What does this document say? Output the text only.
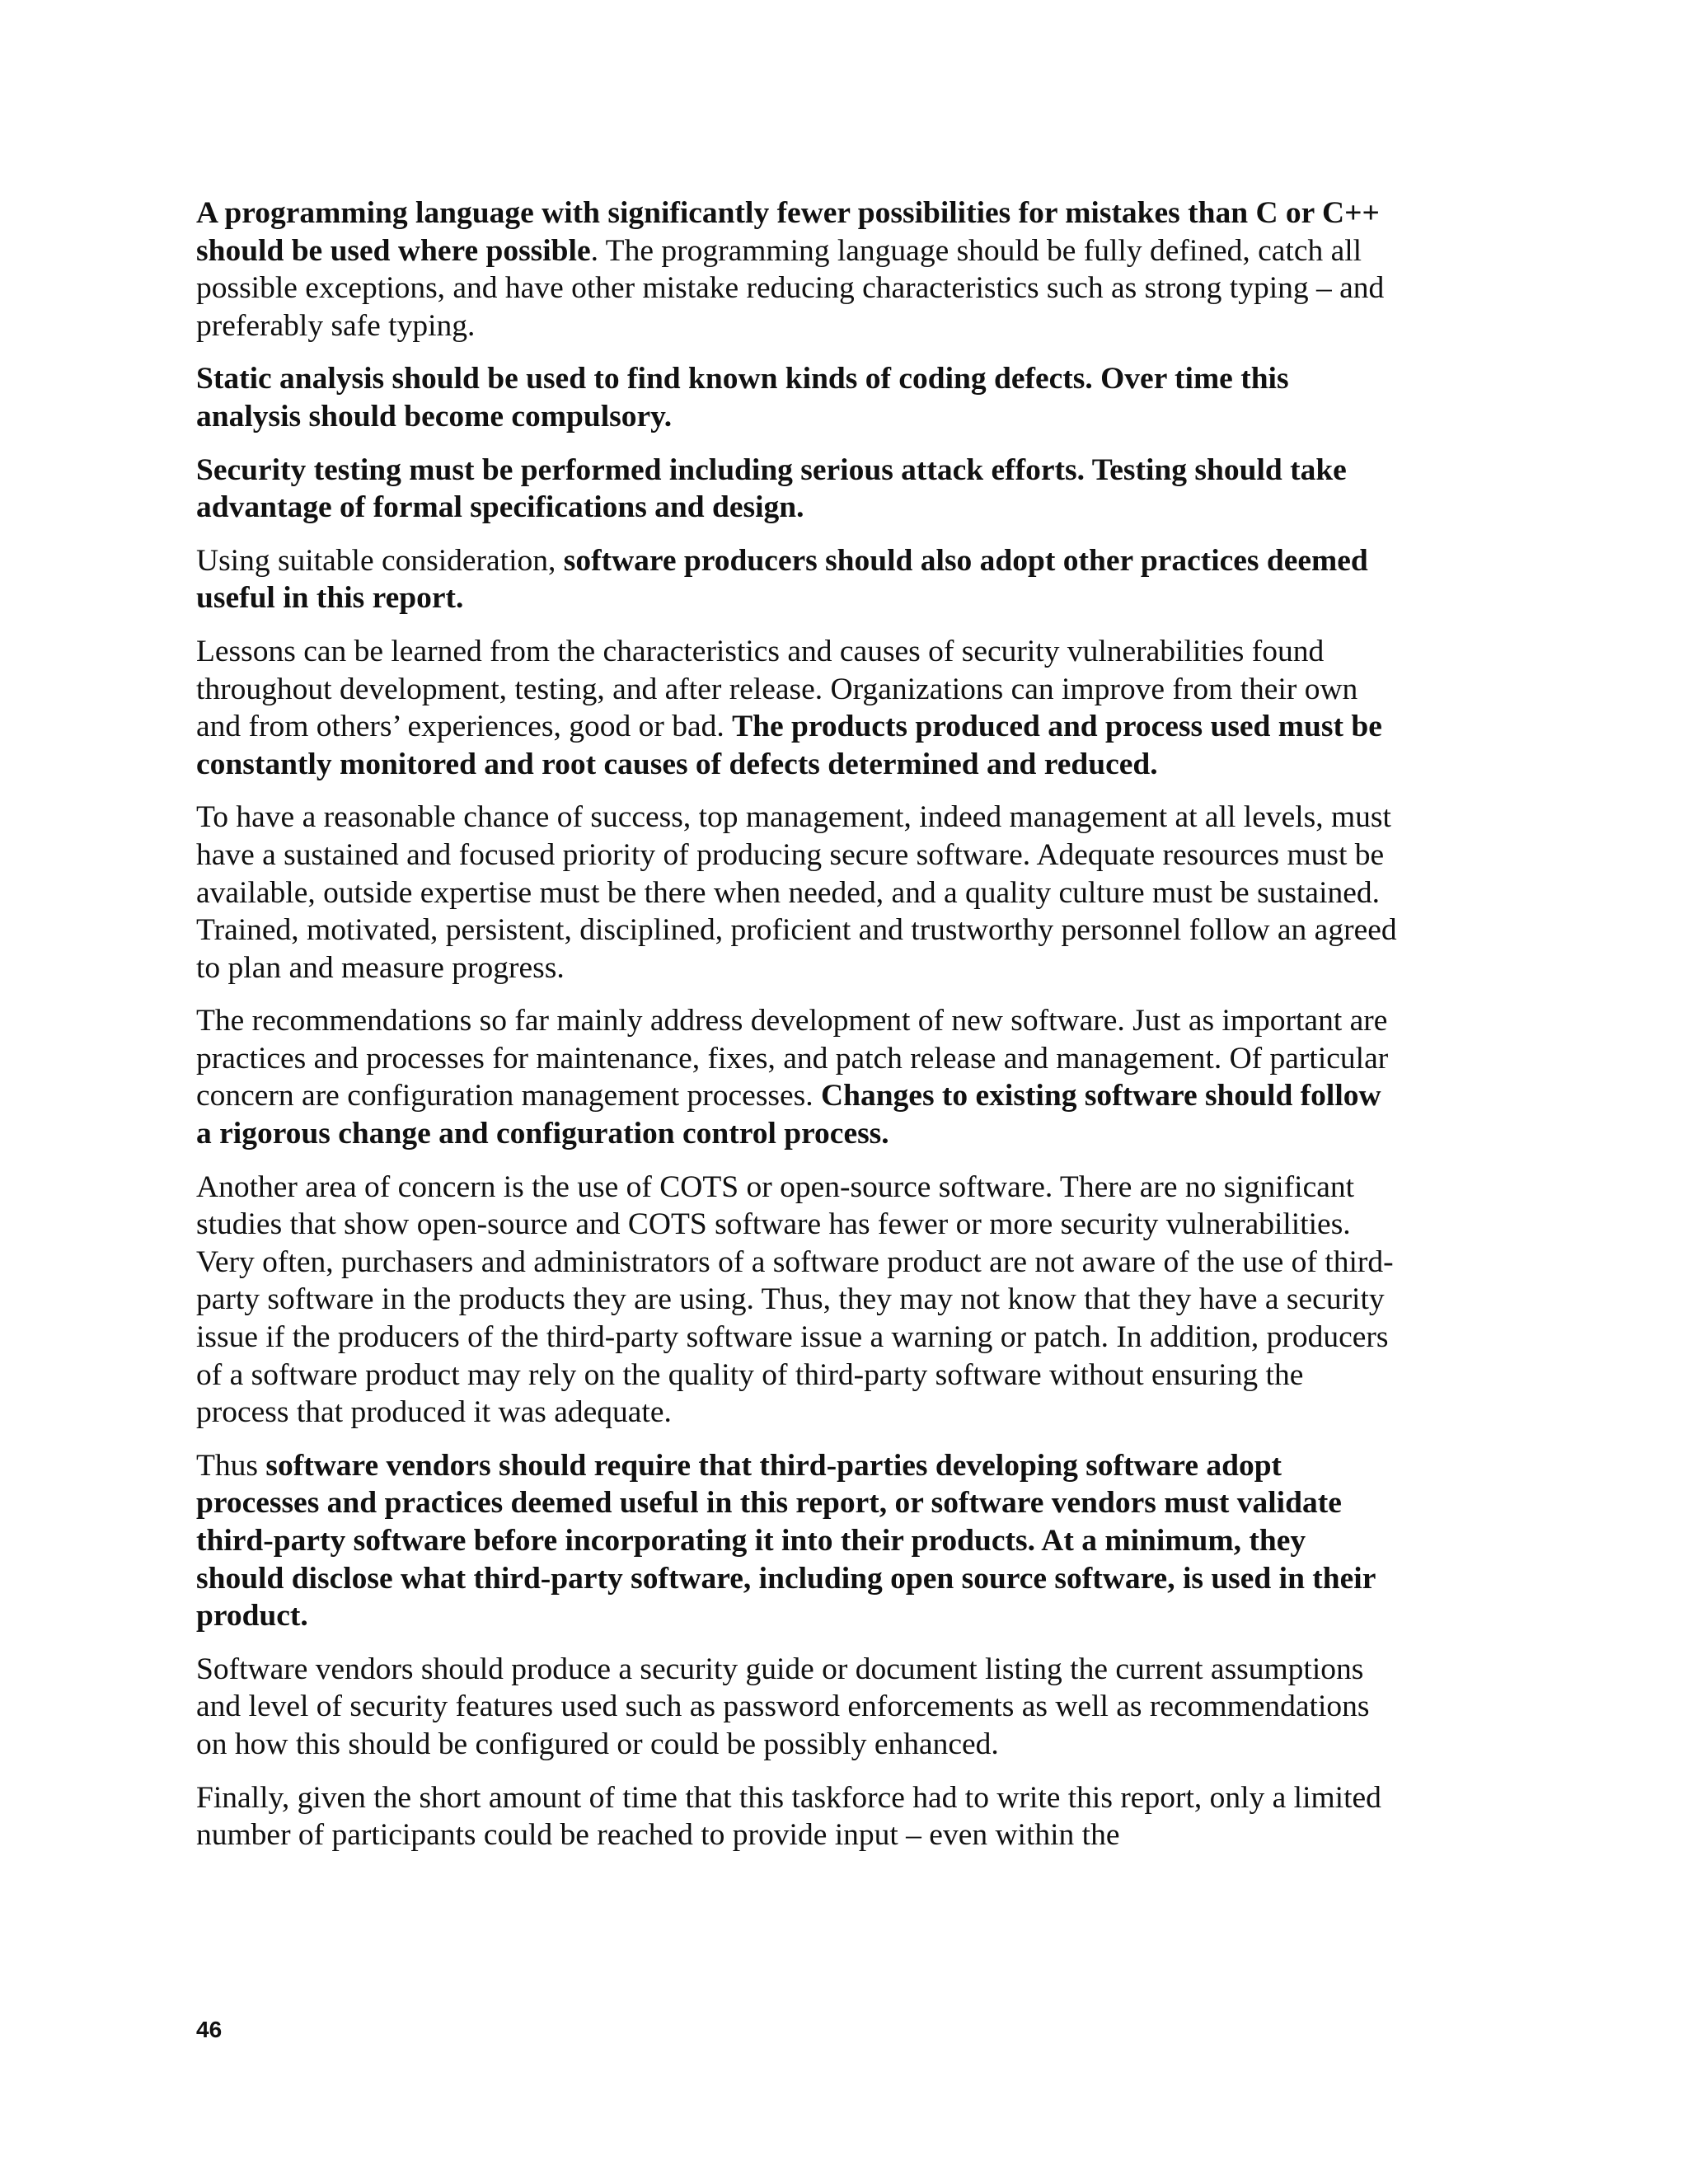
A programming language with significantly fewer possibilities for mistakes than C or C++ should be used where possible. The programming language should be fully defined, catch all possible exceptions, and have other mistake reducing characteristics such as strong typing – and preferably safe typing.

Static analysis should be used to find known kinds of coding defects. Over time this analysis should become compulsory.

Security testing must be performed including serious attack efforts. Testing should take advantage of formal specifications and design.

Using suitable consideration, software producers should also adopt other practices deemed useful in this report.

Lessons can be learned from the characteristics and causes of security vulnerabilities found throughout development, testing, and after release. Organizations can improve from their own and from others’ experiences, good or bad. The products produced and process used must be constantly monitored and root causes of defects determined and reduced.

To have a reasonable chance of success, top management, indeed management at all levels, must have a sustained and focused priority of producing secure software. Adequate resources must be available, outside expertise must be there when needed, and a quality culture must be sustained. Trained, motivated, persistent, disciplined, proficient and trustworthy personnel follow an agreed to plan and measure progress.

The recommendations so far mainly address development of new software. Just as important are practices and processes for maintenance, fixes, and patch release and management. Of particular concern are configuration management processes. Changes to existing software should follow a rigorous change and configuration control process.

Another area of concern is the use of COTS or open-source software. There are no significant studies that show open-source and COTS software has fewer or more security vulnerabilities. Very often, purchasers and administrators of a software product are not aware of the use of third-party software in the products they are using. Thus, they may not know that they have a security issue if the producers of the third-party software issue a warning or patch. In addition, producers of a software product may rely on the quality of third-party software without ensuring the process that produced it was adequate.

Thus software vendors should require that third-parties developing software adopt processes and practices deemed useful in this report, or software vendors must validate third-party software before incorporating it into their products. At a minimum, they should disclose what third-party software, including open source software, is used in their product.

Software vendors should produce a security guide or document listing the current assumptions and level of security features used such as password enforcements as well as recommendations on how this should be configured or could be possibly enhanced.

Finally, given the short amount of time that this taskforce had to write this report, only a limited number of participants could be reached to provide input – even within the

46
